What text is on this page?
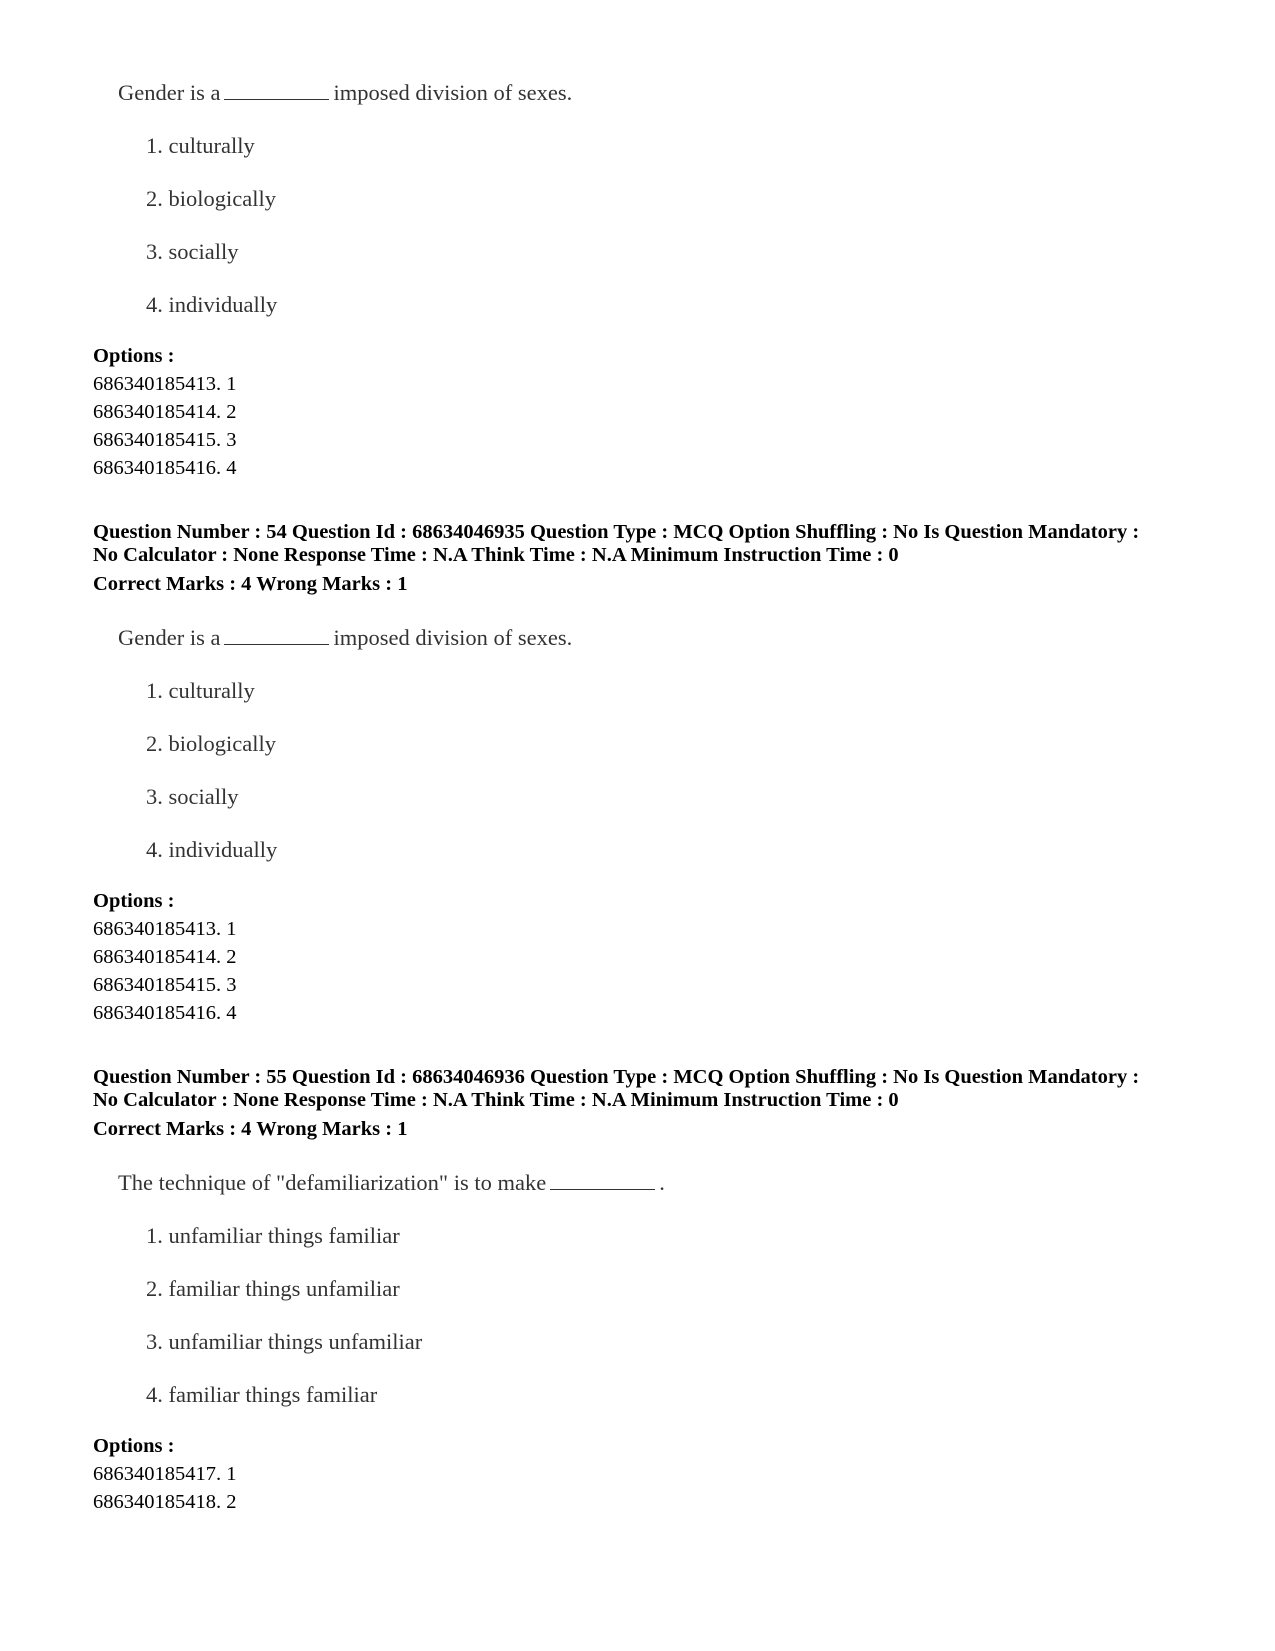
Gender is a	imposed division of sexes.
1. culturally
2. biologically
3. socially
4. individually
Options :
686340185413. 1
686340185414. 2
686340185415. 3
686340185416. 4
Question Number : 54 Question Id : 68634046935 Question Type : MCQ Option Shuffling : No Is Question Mandatory :
No Calculator : None Response Time : N.A Think Time : N.A Minimum Instruction Time : 0
Correct Marks : 4 Wrong Marks : 1
Gender is a	imposed division of sexes.
1. culturally
2. biologically
3. socially
4. individually
Options :
686340185413. 1
686340185414. 2
686340185415. 3
686340185416. 4
Question Number : 55 Question Id : 68634046936 Question Type : MCQ Option Shuffling : No Is Question Mandatory :
No Calculator : None Response Time : N.A Think Time : N.A Minimum Instruction Time : 0
Correct Marks : 4 Wrong Marks : 1
The technique of "defamiliarization" is to make	.
1. unfamiliar things familiar
2. familiar things unfamiliar
3. unfamiliar things unfamiliar
4. familiar things familiar
Options :
686340185417. 1
686340185418. 2
